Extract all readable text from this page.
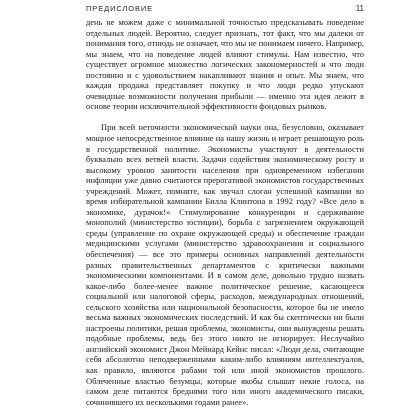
ПРЕДИСЛОВИЕ	11

день не можем даже с минимальной точностью предсказывать поведение отдельных людей. Вероятно, следует признать, тот факт, что мы далеки от понимания того, отнюдь не означает, что мы не понимаем ничего. Например, мы знаем, что на поведение людей влияют стимулы. Нам известно, что существует огромное множество логических закономерностей и что люди постоянно и с удовольствием накапливают знания и опыт. Мы знаем, что каждая продажа представляет покупку и что люди редко упускают очевидные возможности получения прибыли — именно эта идея лежит в основе теории исключительной эффективности фондовых рынков.

При всей неточности экономической науки она, безусловно, оказывает мощное непосредственное влияние на нашу жизнь и играет решающую роль в государственной политике. Экономисты участвуют в деятельности буквально всех ветвей власти. Задачи содействия экономическому росту и высокому уровню занятости населения при одновременном избегании инфляции уже давно считаются прерогативой экономистов государственных учреждений. Может, помните, как звучал слоган успешной кампании во время избирательной кампании Билла Клинтона в 1992 году? «Все дело в экономике, дурачок!» Стимулирование конкуренции и сдерживание монополий (министерство юстиции), борьба с загрязнением окружающей среды (управление по охране окружающей среды) и обеспечение граждан медицинскими услугами (министерство здравоохранения и социального обеспечения) — все это примеры основных направлений деятельности разных правительственных департаментов с критически важными экономическими компонентами. И в самом деле, довольно трудно назвать какое-либо более-менее важное политическое решение, касающееся социальной или налоговой сферы, расходов, международных отношений, сельского хозяйства или национальной безопасности, которое бы не имело весьма важных экономических последствий. И как бы скептически ни были настроены политики, решая проблемы, экономисты, они вынуждены решать подобные проблемы, ведь без этого никто не игнорирует. Неслучайно английский экономист Джон Мейнард Кейнс писал: «Люди дела, считающие себя абсолютно неподверженными каким-либо влияниям интеллектуалов, как правило, являются рабами той или иной экономистов прошлого. Облеченные властью безумцы, которые якобы слышат некие голоса, на самом деле питаются бреднями того или иного академического писаки, сочинившего их несколькими годами ранее».
